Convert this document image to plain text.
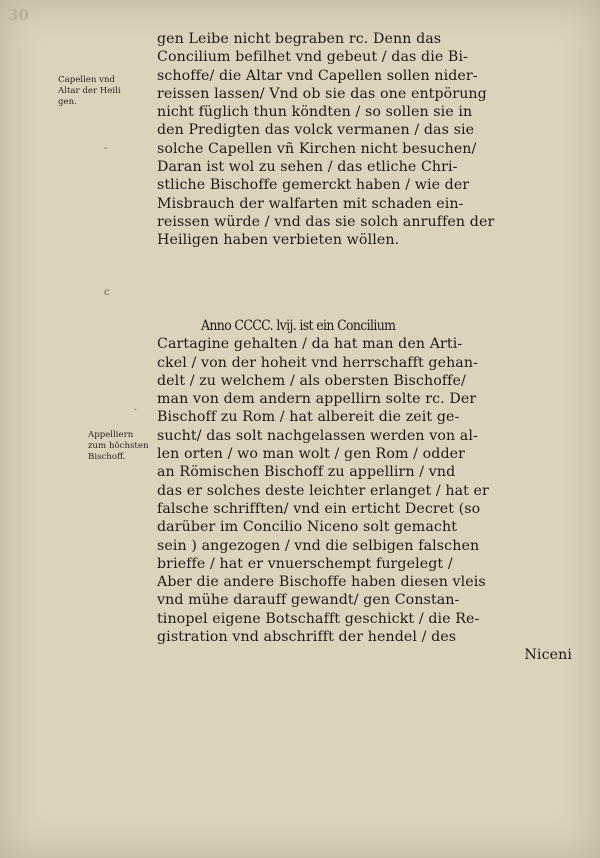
30
Capellen vnd
Altar der Heili
gen.
Appelliern
zum höchsten
Bischoff.
-
c
·
gen Leibe nicht begraben rc. Denn das
Concilium befilhet vnd gebeut / das die Bi-
schoffe/ die Altar vnd Capellen sollen nider-
reissen lassen/ Vnd ob sie das one entpörung
nicht füglich thun köndten / so sollen sie in
den Predigten das volck vermanen / das sie
solche Capellen vñ Kirchen nicht besuchen/
Daran ist wol zu sehen / das etliche Chri-
stliche Bischoffe gemerckt haben / wie der
Misbrauch der walfarten mit schaden ein-
reissen würde / vnd das sie solch anruffen der
Heiligen haben verbieten wöllen.
Anno CCCC. lvij. ist ein Concilium
Cartagine gehalten / da hat man den Arti-
ckel / von der hoheit vnd herrschafft gehan-
delt / zu welchem / als obersten Bischoffe/
man von dem andern appellirn solte rc. Der
Bischoff zu Rom / hat albereit die zeit ge-
sucht/ das solt nachgelassen werden von al-
len orten / wo man wolt / gen Rom / odder
an Römischen Bischoff zu appellirn / vnd
das er solches deste leichter erlanget / hat er
falsche schrifften/ vnd ein erticht Decret (so
darüber im Concilio Niceno solt gemacht
sein ) angezogen / vnd die selbigen falschen
brieffe / hat er vnuerschempt furgelegt /
Aber die andere Bischoffe haben diesen vleis
vnd mühe darauff gewandt/ gen Constan-
tinopel eigene Botschafft geschickt / die Re-
gistration vnd abschrifft der hendel / des
Niceni
